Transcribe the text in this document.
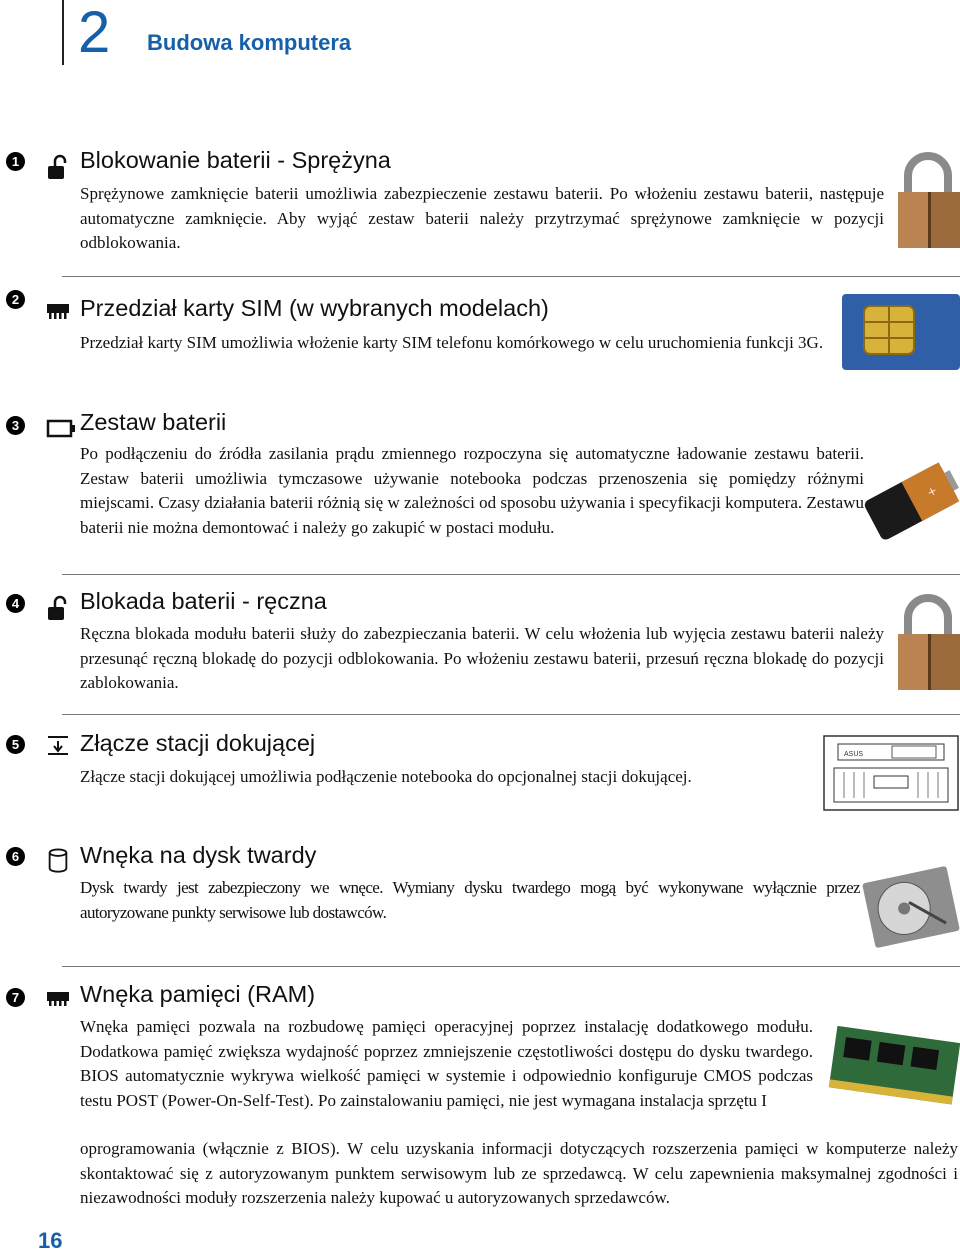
2 Budowa komputera
1	Blokowanie baterii - Sprężyna
Sprężynowe zamknięcie baterii umożliwia zabezpieczenie zestawu baterii. Po włożeniu zestawu baterii, następuje automatyczne zamknięcie. Aby wyjąć zestaw baterii należy przytrzymać sprężynowe zamknięcie w pozycji odblokowania.
2	Przedział karty SIM (w wybranych modelach)
Przedział karty SIM umożliwia włożenie karty SIM telefonu komórkowego w celu uruchomienia funkcji 3G.
3	Zestaw baterii
Po podłączeniu do źródła zasilania prądu zmiennego rozpoczyna się automatyczne ładowanie zestawu baterii. Zestaw baterii umożliwia tymczasowe używanie notebooka podczas przenoszenia się pomiędzy różnymi miejscami. Czasy działania baterii różnią się w zależności od sposobu używania i specyfikacji komputera. Zestawu baterii nie można demontować i należy go zakupić w postaci modułu.
+
4	Blokada baterii - ręczna
Ręczna blokada modułu baterii służy do zabezpieczania baterii. W celu włożenia lub wyjęcia zestawu baterii należy przesunąć ręczną blokadę do pozycji odblokowania. Po włożeniu zestawu baterii, przesuń ręczna blokadę do pozycji zablokowania.
5	Złącze stacji dokującej
Złącze stacji dokującej umożliwia podłączenie notebooka do opcjonalnej stacji dokującej.
ASUS
6	Wnęka na dysk twardy
Dysk twardy jest zabezpieczony we wnęce. Wymiany dysku twardego mogą być wykonywane wyłącznie przez autoryzowane punkty serwisowe lub dostawców.
7	Wnęka pamięci (RAM)
Wnęka pamięci pozwala na rozbudowę pamięci operacyjnej poprzez instalację dodatkowego modułu. Dodatkowa pamięć zwiększa wydajność poprzez zmniejszenie częstotliwości dostępu do dysku twardego. BIOS automatycznie wykrywa wielkość pamięci w systemie i odpowiednio konfiguruje CMOS podczas testu POST (Power-On-Self-Test). Po zainstalowaniu pamięci, nie jest wymagana instalacja sprzętu I
oprogramowania (włącznie z BIOS). W celu uzyskania informacji dotyczących rozszerzenia pamięci w komputerze należy skontaktować się z autoryzowanym punktem serwisowym lub ze sprzedawcą. W celu zapewnienia maksymalnej zgodności i niezawodności moduły rozszerzenia należy kupować u autoryzowanych sprzedawców.
16
